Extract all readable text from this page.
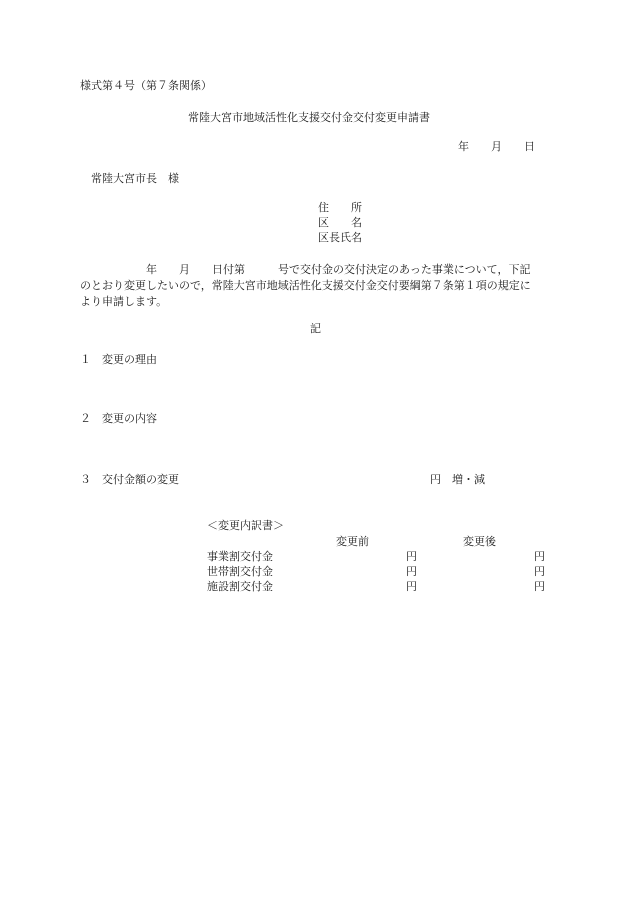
様式第４号（第７条関係）
常陸大宮市地域活性化支援交付金交付変更申請書
年　　月　　日
常陸大宮市長　様
住　　所
区　　名
区長氏名
　　　　　　年　　月　　日付第　　　号で交付金の交付決定のあった事業について，下記
のとおり変更したいので，常陸大宮市地域活性化支援交付金交付要綱第７条第１項の規定に
より申請します。
記
１ 変更の理由
２ 変更の内容
３ 交付金額の変更	円　増・減
＜変更内訳書＞
変更前	変更後
事業割交付金	円	円
世帯割交付金	円	円
施設割交付金	円	円
